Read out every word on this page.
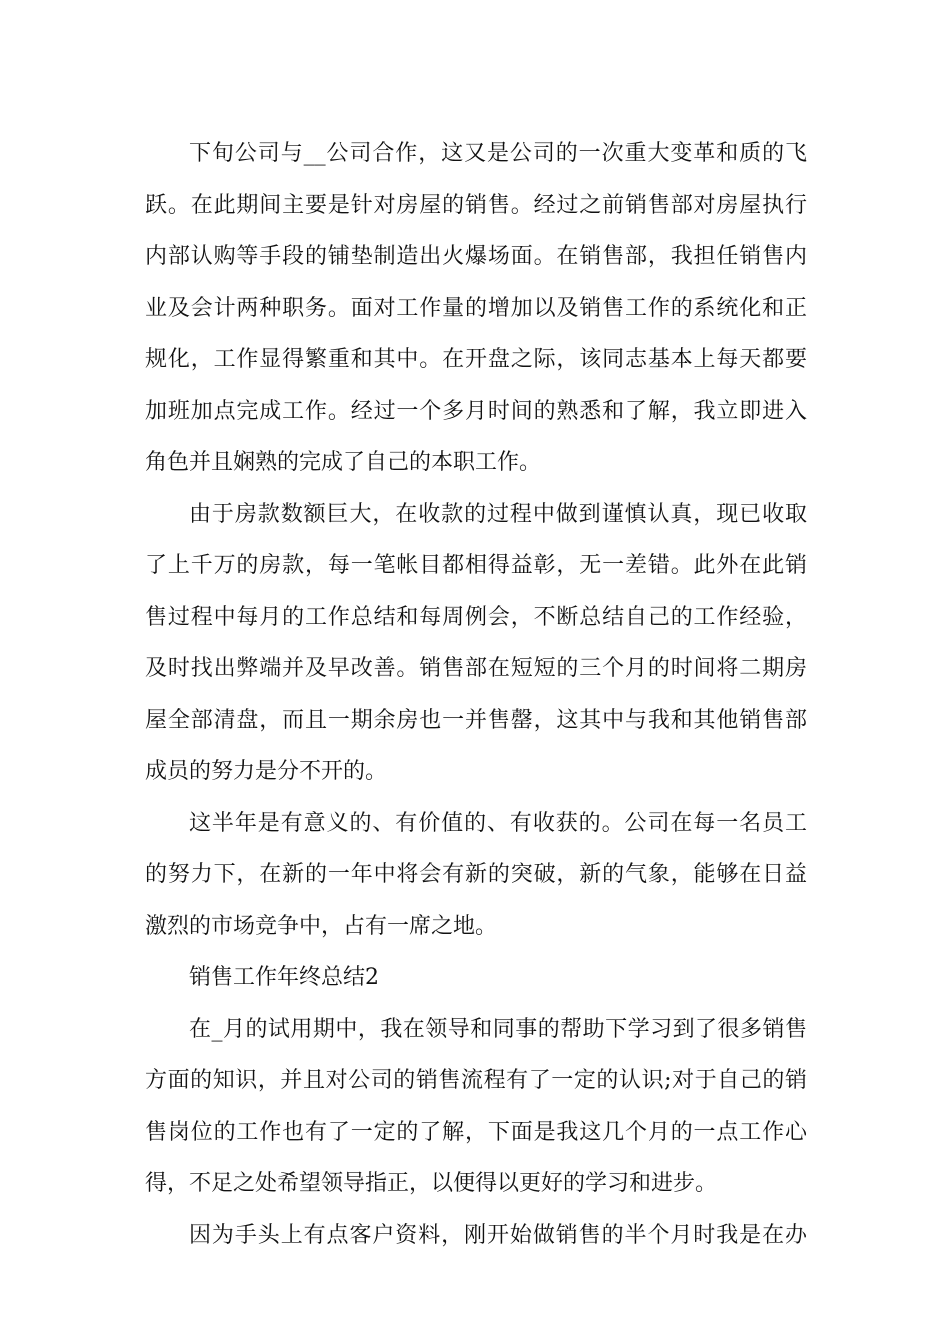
下旬公司与__公司合作，这又是公司的一次重大变革和质的飞
跃。在此期间主要是针对房屋的销售。经过之前销售部对房屋执行
内部认购等手段的铺垫制造出火爆场面。在销售部，我担任销售内
业及会计两种职务。面对工作量的增加以及销售工作的系统化和正
规化，工作显得繁重和其中。在开盘之际，该同志基本上每天都要
加班加点完成工作。经过一个多月时间的熟悉和了解，我立即进入
角色并且娴熟的完成了自己的本职工作。
由于房款数额巨大，在收款的过程中做到谨慎认真，现已收取
了上千万的房款，每一笔帐目都相得益彰，无一差错。此外在此销
售过程中每月的工作总结和每周例会，不断总结自己的工作经验，
及时找出弊端并及早改善。销售部在短短的三个月的时间将二期房
屋全部清盘，而且一期余房也一并售罄，这其中与我和其他销售部
成员的努力是分不开的。
这半年是有意义的、有价值的、有收获的。公司在每一名员工
的努力下，在新的一年中将会有新的突破，新的气象，能够在日益
激烈的市场竞争中，占有一席之地。
销售工作年终总结2
在_月的试用期中，我在领导和同事的帮助下学习到了很多销售
方面的知识，并且对公司的销售流程有了一定的认识;对于自己的销
售岗位的工作也有了一定的了解，下面是我这几个月的一点工作心
得，不足之处希望领导指正，以便得以更好的学习和进步。
因为手头上有点客户资料，刚开始做销售的半个月时我是在办
